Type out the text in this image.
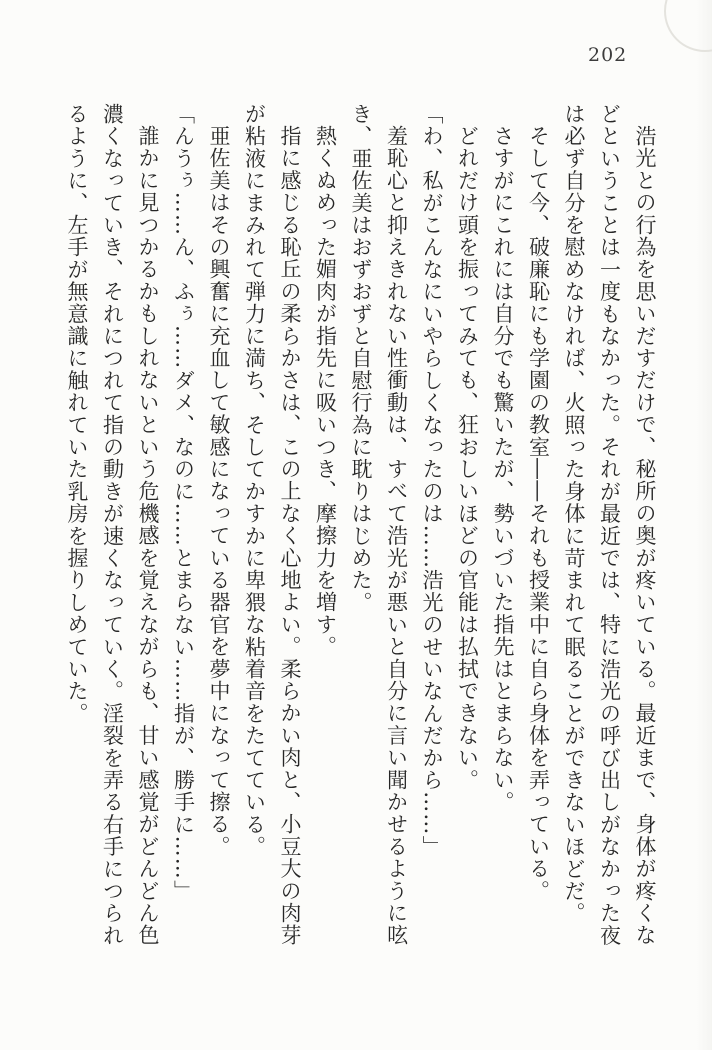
202

浩光との行為を思いだすだけで、秘所の奥が疼いている。最近まで、身体が疼くなどということは一度もなかった。それが最近では、特に浩光の呼び出しがなかった夜は必ず自分を慰めなければ、火照った身体に苛まれて眠ることができないほどだ。

そして今、破廉恥にも学園の教室――それも授業中に自ら身体を弄っている。

さすがにこれには自分でも驚いたが、勢いづいた指先はとまらない。

どれだけ頭を振ってみても、狂おしいほどの官能は払拭できない。

「わ、私がこんなにいやらしくなったのは……浩光のせいなんだから……」

羞恥心と抑えきれない性衝動は、すべて浩光が悪いと自分に言い聞かせるように呟き、亜佐美はおずおずと自慰行為に耽りはじめた。

熱くぬめった媚肉が指先に吸いつき、摩擦力を増す。

指に感じる恥丘の柔らかさは、この上なく心地よい。柔らかい肉と、小豆大の肉芽が粘液にまみれて弾力に満ち、そしてかすかに卑猥な粘着音をたてている。

亜佐美はその興奮に充血して敏感になっている器官を夢中になって擦る。

「んうぅ……ん、ふぅ……ダメ、なのに……とまらない……指が、勝手に……」

誰かに見つかるかもしれないという危機感を覚えながらも、甘い感覚がどんどん色濃くなっていき、それにつれて指の動きが速くなっていく。淫裂を弄る右手につられるように、左手が無意識に触れていた乳房を握りしめていた。
